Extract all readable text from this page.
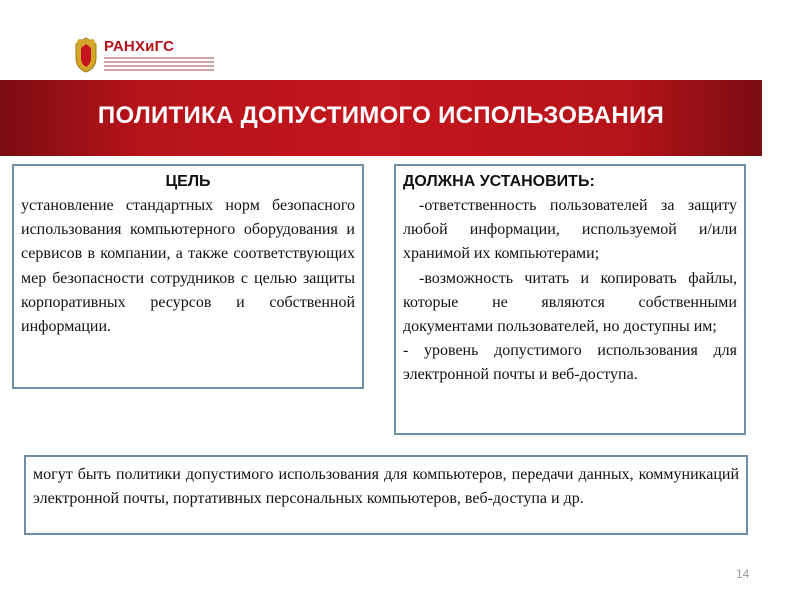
РАНХиГС
ПОЛИТИКА ДОПУСТИМОГО ИСПОЛЬЗОВАНИЯ
ЦЕЛЬ
установление стандартных норм безопасного использования компьютерного оборудования и сервисов в компании, а также соответствующих мер безопасности сотрудников с целью защиты корпоративных ресурсов и собственной информации.
ДОЛЖНА УСТАНОВИТЬ:
-ответственность пользователей за защиту любой информации, используемой и/или хранимой их компьютерами;
-возможность читать и копировать файлы, которые не являются собственными документами пользователей, но доступны им;
- уровень допустимого использования для электронной почты и веб-доступа.
могут быть политики допустимого использования для компьютеров, передачи данных, коммуникаций электронной почты, портативных персональных компьютеров, веб-доступа и др.
14
